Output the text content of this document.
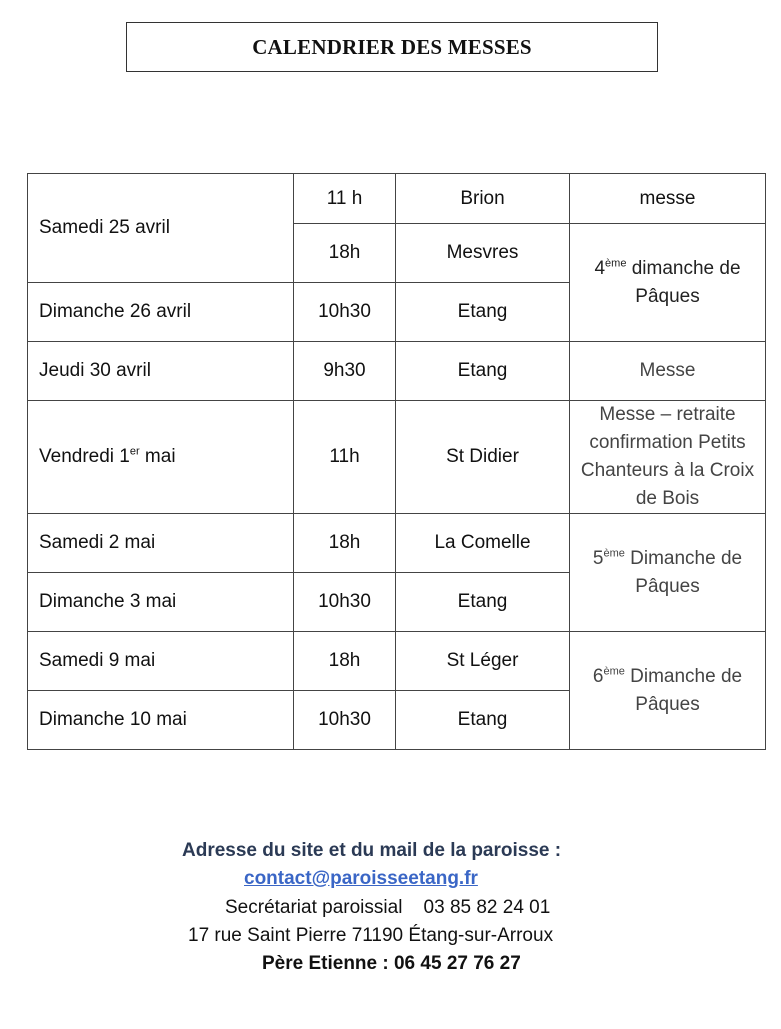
CALENDRIER DES MESSES
Samedi 25 avril	11 h	Brion	messe
	18h	Mesvres	4ème dimanche de
Pâques
Dimanche 26 avril	10h30	Etang	
Jeudi 30 avril	9h30	Etang	Messe
Vendredi 1er mai	11h	St Didier	Messe – retraite
confirmation Petits
Chanteurs à la Croix
de Bois
Samedi 2 mai	18h	La Comelle	5ème Dimanche de
Pâques
Dimanche 3 mai	10h30	Etang	
Samedi 9 mai	18h	St Léger	6ème Dimanche de
Pâques
Dimanche 10 mai	10h30	Etang	
Adresse du site et du mail de la paroisse :
contact@paroisseetang.fr
Secrétariat paroissial    03 85 82 24 01
17 rue Saint Pierre 71190 Étang-sur-Arroux
Père Etienne : 06 45 27 76 27
